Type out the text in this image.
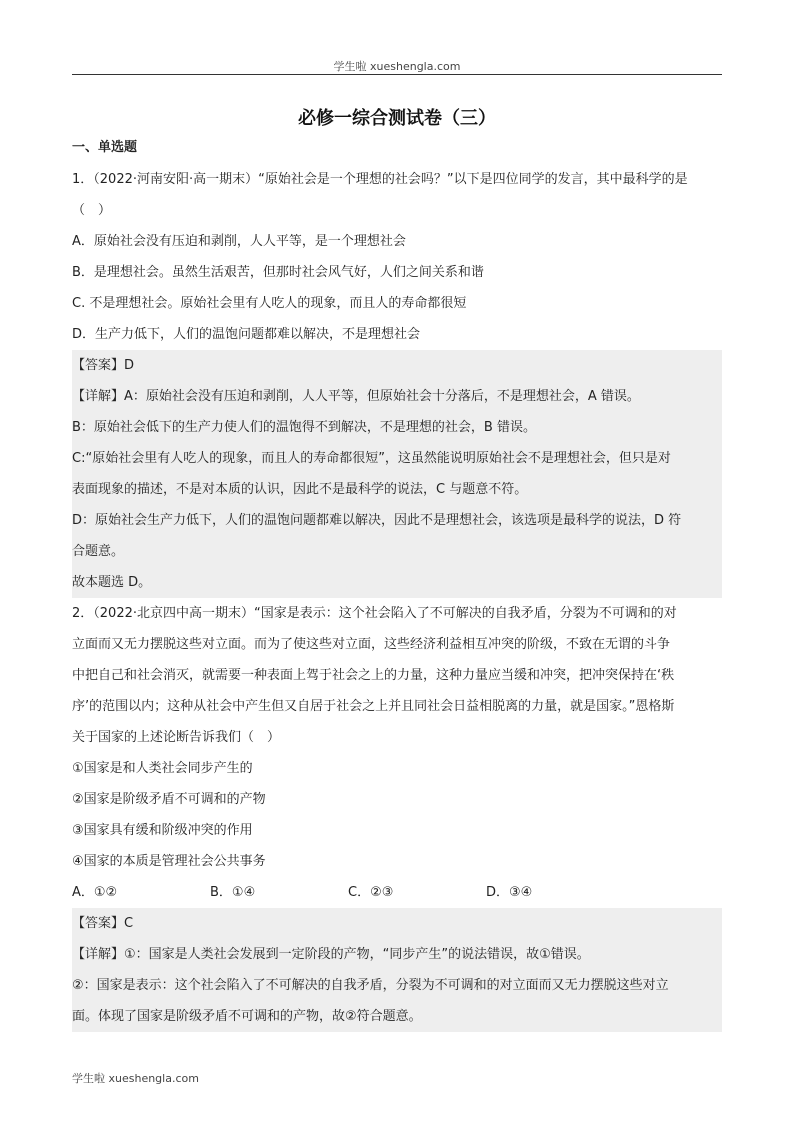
学生啦 xueshengla.com
必修一综合测试卷（三）
一、单选题
1．（2022·河南安阳·高一期末）“原始社会是一个理想的社会吗？”以下是四位同学的发言，其中最科学的是
（　）
A．原始社会没有压迫和剥削，人人平等，是一个理想社会
B．是理想社会。虽然生活艰苦，但那时社会风气好，人们之间关系和谐
C. 不是理想社会。原始社会里有人吃人的现象，而且人的寿命都很短
D．生产力低下，人们的温饱问题都难以解决，不是理想社会
【答案】D
【详解】A：原始社会没有压迫和剥削，人人平等，但原始社会十分落后，不是理想社会，A 错误。
B：原始社会低下的生产力使人们的温饱得不到解决，不是理想的社会，B 错误。
C:“原始社会里有人吃人的现象，而且人的寿命都很短”，这虽然能说明原始社会不是理想社会，但只是对
表面现象的描述，不是对本质的认识，因此不是最科学的说法，C 与题意不符。
D：原始社会生产力低下，人们的温饱问题都难以解决，因此不是理想社会，该选项是最科学的说法，D 符
合题意。
故本题选 D。
2．（2022·北京四中高一期末）“国家是表示：这个社会陷入了不可解决的自我矛盾，分裂为不可调和的对
立面而又无力摆脱这些对立面。而为了使这些对立面，这些经济利益相互冲突的阶级，不致在无谓的斗争
中把自己和社会消灭，就需要一种表面上驾于社会之上的力量，这种力量应当缓和冲突，把冲突保持在‘秩
序’的范围以内；这种从社会中产生但又自居于社会之上并且同社会日益相脱离的力量，就是国家。”恩格斯
关于国家的上述论断告诉我们（　）
①国家是和人类社会同步产生的
②国家是阶级矛盾不可调和的产物
③国家具有缓和阶级冲突的作用
④国家的本质是管理社会公共事务
A．①②	B．①④	C．②③	D．③④
【答案】C
【详解】①：国家是人类社会发展到一定阶段的产物，“同步产生”的说法错误，故①错误。
②：国家是表示：这个社会陷入了不可解决的自我矛盾，分裂为不可调和的对立面而又无力摆脱这些对立
面。体现了国家是阶级矛盾不可调和的产物，故②符合题意。
学生啦 xueshengla.com
